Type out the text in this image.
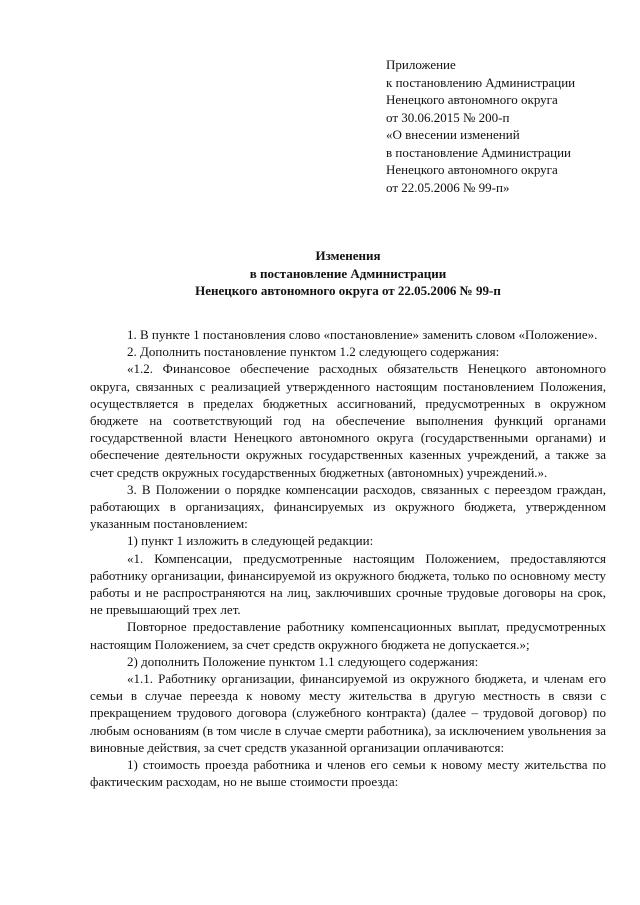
Приложение
к постановлению Администрации
Ненецкого автономного округа
от 30.06.2015 № 200-п
«О внесении изменений
в постановление Администрации
Ненецкого автономного округа
от 22.05.2006 № 99-п»
Изменения
в постановление Администрации
Ненецкого автономного округа от 22.05.2006 № 99-п

1. В пункте 1 постановления слово «постановление» заменить словом «Положение».

2. Дополнить постановление пунктом 1.2 следующего содержания:

«1.2. Финансовое обеспечение расходных обязательств Ненецкого автономного округа, связанных с реализацией утвержденного настоящим постановлением Положения, осуществляется в пределах бюджетных ассигнований, предусмотренных в окружном бюджете на соответствующий год на обеспечение выполнения функций органами государственной власти Ненецкого автономного округа (государственными органами) и обеспечение деятельности окружных государственных казенных учреждений, а также за счет средств окружных государственных бюджетных (автономных) учреждений.».

3. В Положении о порядке компенсации расходов, связанных с переездом граждан, работающих в организациях, финансируемых из окружного бюджета, утвержденном указанным постановлением:

1) пункт 1 изложить в следующей редакции:

«1. Компенсации, предусмотренные настоящим Положением, предоставляются работнику организации, финансируемой из окружного бюджета, только по основному месту работы и не распространяются на лиц, заключивших срочные трудовые договоры на срок, не превышающий трех лет.

Повторное предоставление работнику компенсационных выплат, предусмотренных настоящим Положением, за счет средств окружного бюджета не допускается.»;

2) дополнить Положение пунктом 1.1 следующего содержания:

«1.1. Работнику организации, финансируемой из окружного бюджета, и членам его семьи в случае переезда к новому месту жительства в другую местность в связи с прекращением трудового договора (служебного контракта) (далее – трудовой договор) по любым основаниям (в том числе в случае смерти работника), за исключением увольнения за виновные действия, за счет средств указанной организации оплачиваются:

1) стоимость проезда работника и членов его семьи к новому месту жительства по фактическим расходам, но не выше стоимости проезда:
